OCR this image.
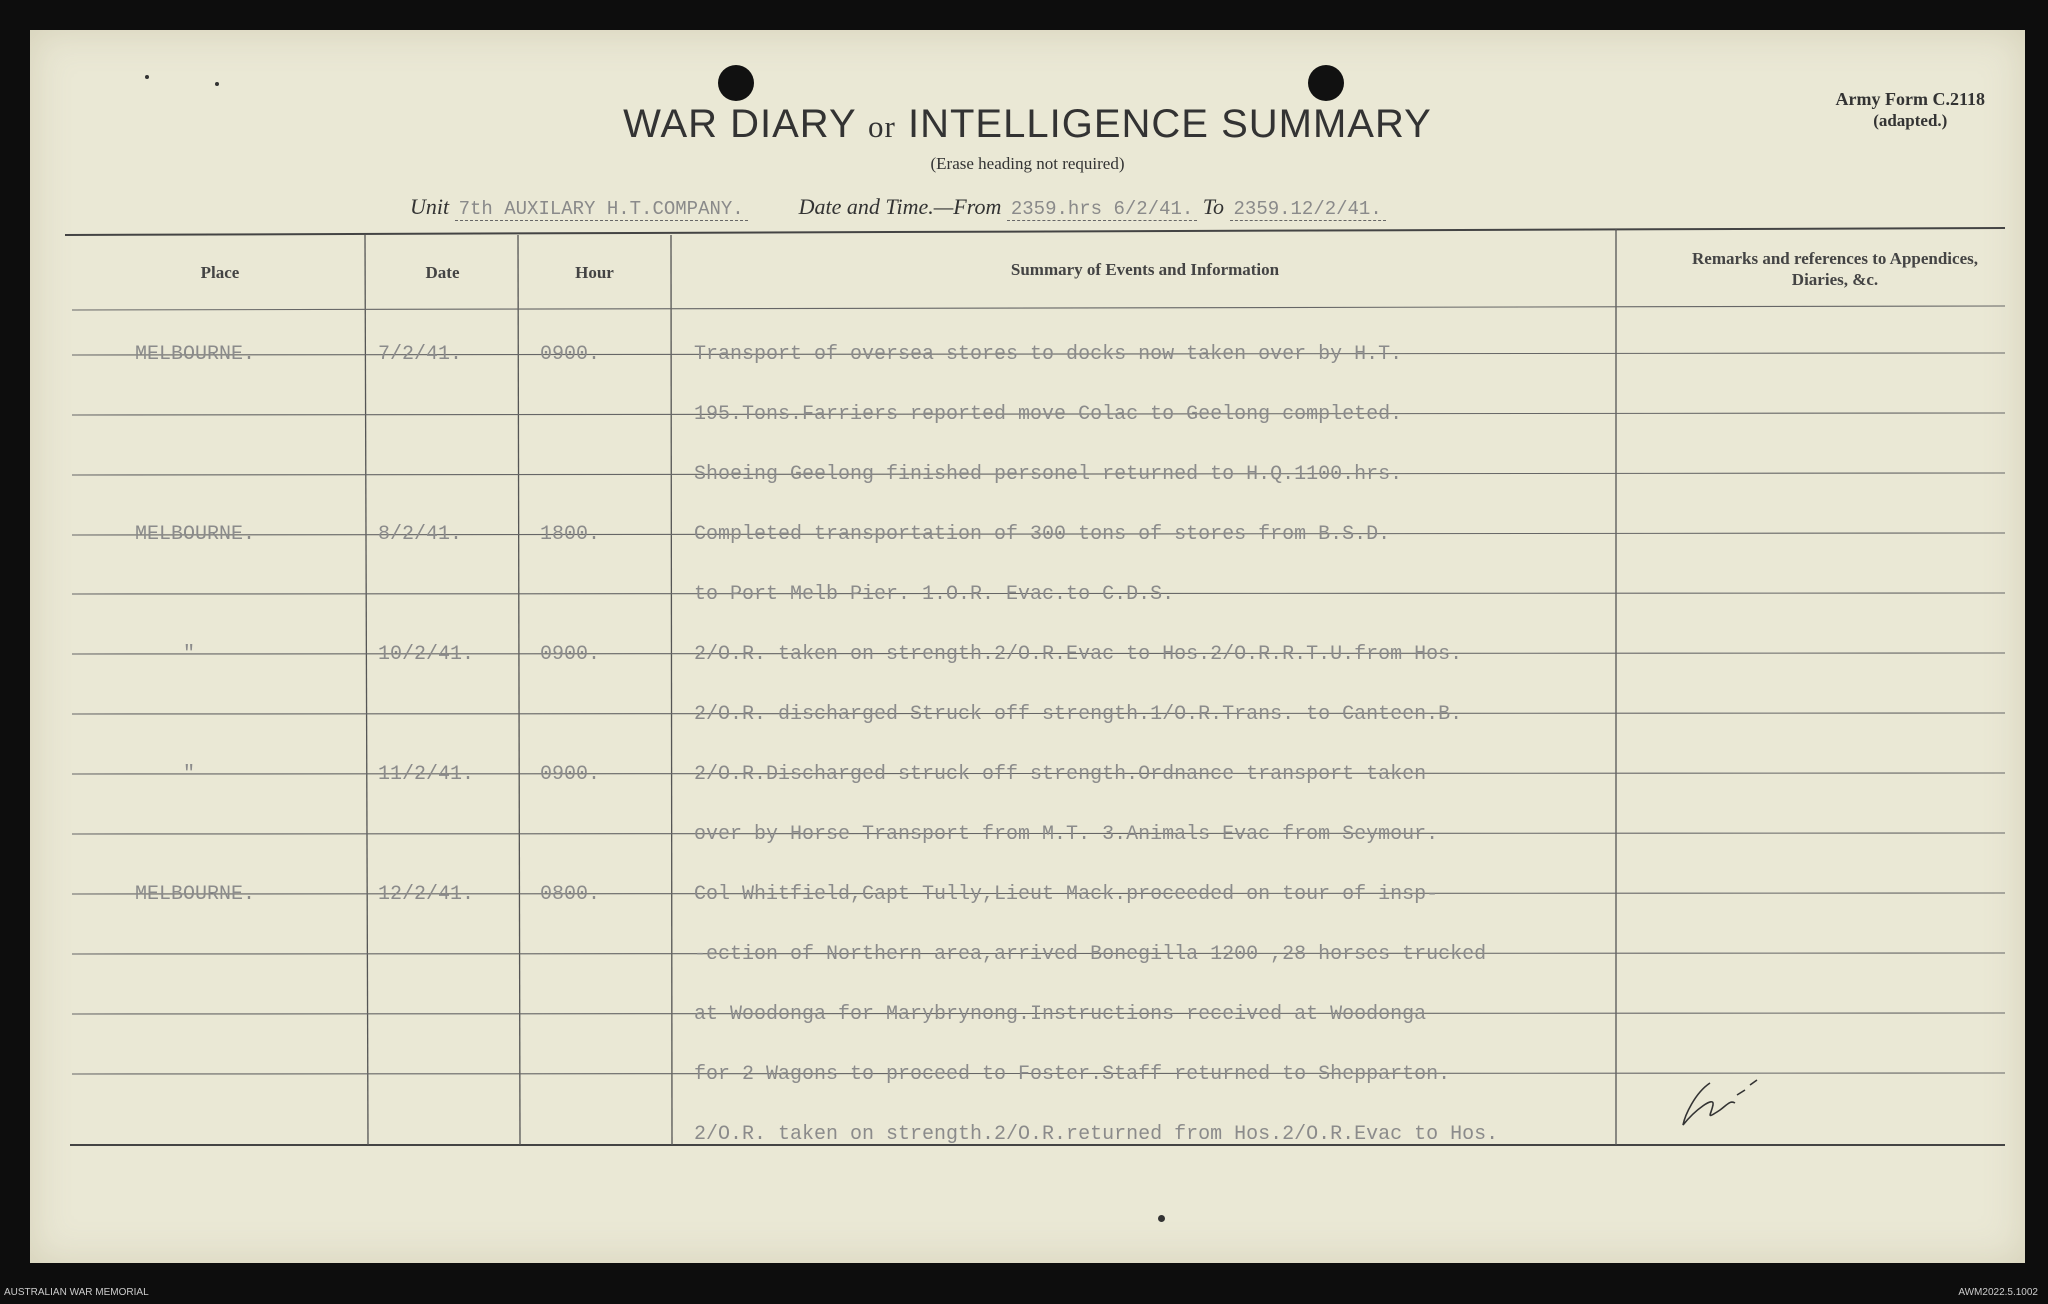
WAR DIARY or INTELLIGENCE SUMMARY
(Erase heading not required)
Army Form C.2118
(adapted.)
Unit 7th AUXILARY H.T.COMPANY.	Date and Time.—From 2359.hrs 6/2/41. To 2359.12/2/41.
Place	Date	Hour	Summary of Events and Information
Remarks and references to Appendices, Diaries, &c.
MELBOURNE.	7/2/41.	0900.	Transport of oversea stores to docks now taken over by H.T.
195.Tons.Farriers reported move Colac to Geelong completed.
Shoeing Geelong finished personel returned to H.Q.1100.hrs.
MELBOURNE.	8/2/41.	1800.	Completed transportation of 300 tons of stores from B.S.D.
to Port Melb Pier. 1.O.R. Evac.to C.D.S.
"	10/2/41.	0900.	2/O.R. taken on strength.2/O.R.Evac to Hos.2/O.R.R.T.U.from Hos.
2/O.R. discharged Struck off strength.1/O.R.Trans. to Canteen.B.
"	11/2/41.	0900.	2/O.R.Discharged struck off strength.Ordnance transport taken
over by Horse Transport from M.T. 3.Animals Evac from Seymour.
MELBOURNE.	12/2/41.	0800.	Col Whitfield,Capt Tully,Lieut Mack.proceeded on tour of insp-
-ection of Northern area,arrived Bonegilla 1200 ,28 horses trucked
at Woodonga for Marybrynong.Instructions received at Woodonga
for 2 Wagons to proceed to Foster.Staff returned to Shepparton.
2/O.R. taken on strength.2/O.R.returned from Hos.2/O.R.Evac to Hos.
AUSTRALIAN WAR MEMORIAL	AWM2022.5.1002
